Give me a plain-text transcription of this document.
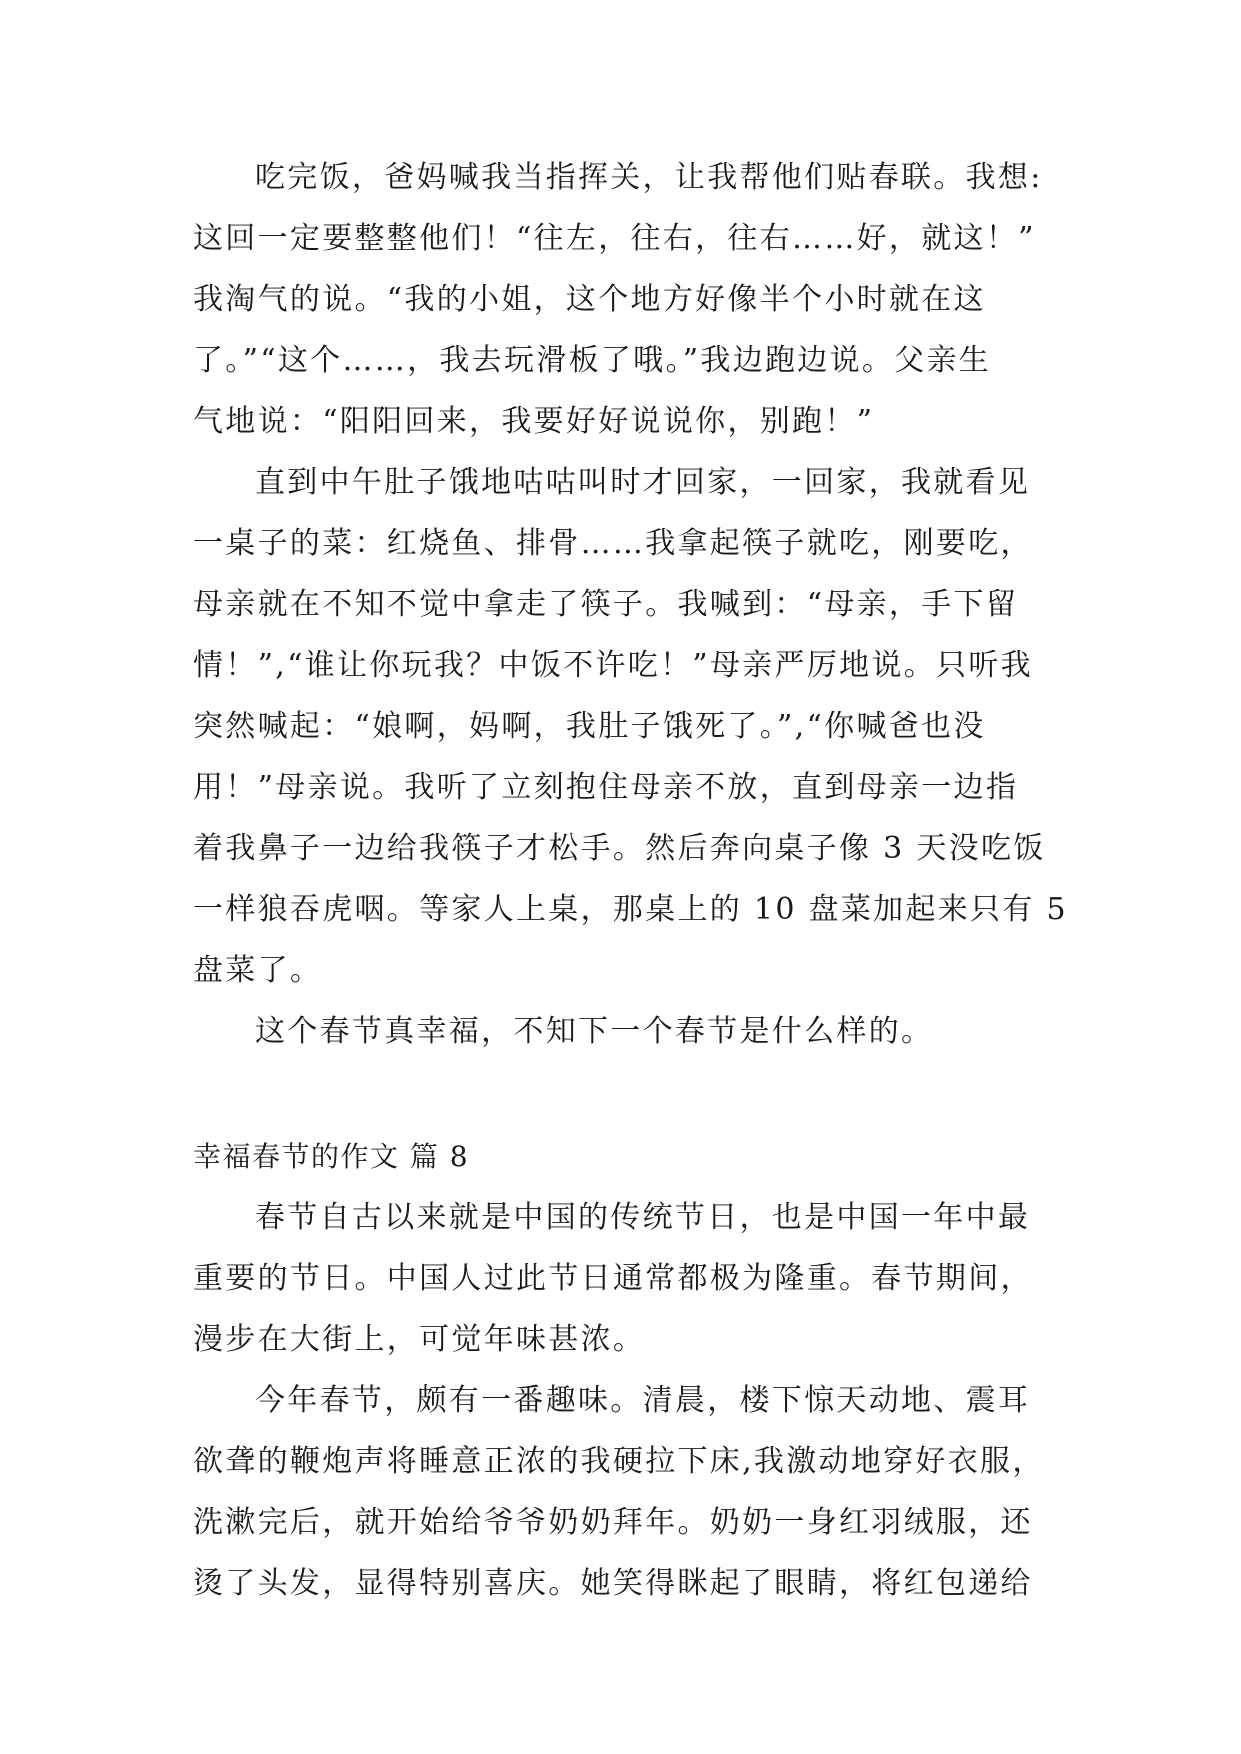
吃完饭，爸妈喊我当指挥关，让我帮他们贴春联。我想:
这回一定要整整他们！“往左，往右，往右……好，就这！”
我淘气的说。“我的小姐，这个地方好像半个小时就在这
了。”“这个……，我去玩滑板了哦。”我边跑边说。父亲生
气地说：“阳阳回来，我要好好说说你，别跑！”
直到中午肚子饿地咕咕叫时才回家，一回家，我就看见
一桌子的菜：红烧鱼、排骨……我拿起筷子就吃，刚要吃，
母亲就在不知不觉中拿走了筷子。我喊到：“母亲，手下留
情！”,“谁让你玩我？中饭不许吃！”母亲严厉地说。只听我
突然喊起：“娘啊，妈啊，我肚子饿死了。”,“你喊爸也没
用！”母亲说。我听了立刻抱住母亲不放，直到母亲一边指
着我鼻子一边给我筷子才松手。然后奔向桌子像 3 天没吃饭
一样狼吞虎咽。等家人上桌，那桌上的 10 盘菜加起来只有 5
盘菜了。
这个春节真幸福，不知下一个春节是什么样的。
幸福春节的作文 篇 8
春节自古以来就是中国的传统节日，也是中国一年中最
重要的节日。中国人过此节日通常都极为隆重。春节期间，
漫步在大街上，可觉年味甚浓。
今年春节，颇有一番趣味。清晨，楼下惊天动地、震耳
欲聋的鞭炮声将睡意正浓的我硬拉下床,我激动地穿好衣服，
洗漱完后，就开始给爷爷奶奶拜年。奶奶一身红羽绒服，还
烫了头发，显得特别喜庆。她笑得眯起了眼睛，将红包递给
